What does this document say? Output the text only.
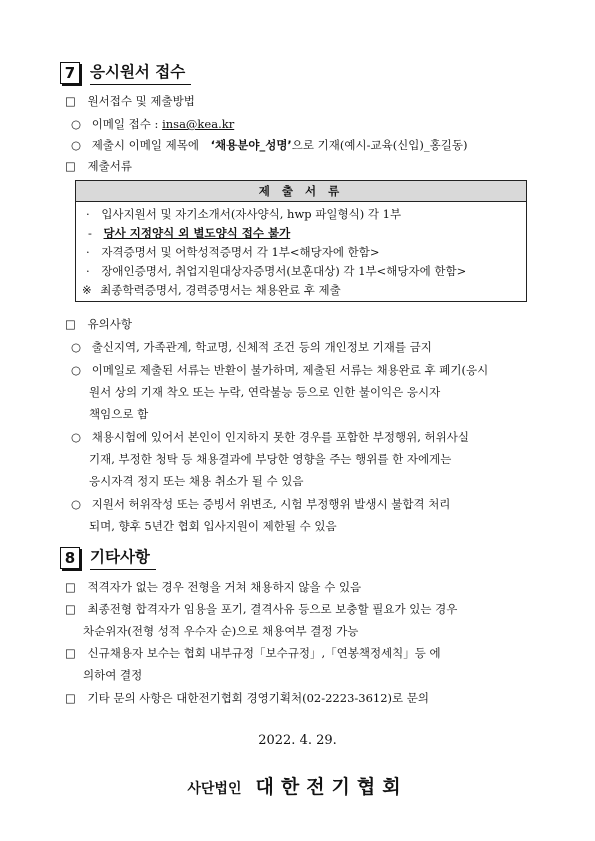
7 응시원서 접수
□ 원서접수 및 제출방법
○ 이메일 접수 : insa@kea.kr
○ 제출시 이메일 제목에 ‘채용분야_성명’으로 기재(예시-교육(신입)_홍길동)
□ 제출서류
제 출 서 류
· 입사지원서 및 자기소개서(자사양식, hwp 파일형식) 각 1부
- 당사 지정양식 외 별도양식 접수 불가
· 자격증명서 및 어학성적증명서 각 1부<해당자에 한함>
· 장애인증명서, 취업지원대상자증명서(보훈대상) 각 1부<해당자에 한함>
※ 최종학력증명서, 경력증명서는 채용완료 후 제출
□ 유의사항
○ 출신지역, 가족관계, 학교명, 신체적 조건 등의 개인정보 기재를 금지
○ 이메일로 제출된 서류는 반환이 불가하며, 제출된 서류는 채용완료 후 폐기(응시
원서 상의 기재 착오 또는 누락, 연락불능 등으로 인한 불이익은 응시자
책임으로 함
○ 채용시험에 있어서 본인이 인지하지 못한 경우를 포함한 부정행위, 허위사실
기재, 부정한 청탁 등 채용결과에 부당한 영향을 주는 행위를 한 자에게는
응시자격 정지 또는 채용 취소가 될 수 있음
○ 지원서 허위작성 또는 증빙서 위변조, 시험 부정행위 발생시 불합격 처리
되며, 향후 5년간 협회 입사지원이 제한될 수 있음
8 기타사항
□ 적격자가 없는 경우 전형을 거쳐 채용하지 않을 수 있음
□ 최종전형 합격자가 임용을 포기, 결격사유 등으로 보충할 필요가 있는 경우
차순위자(전형 성적 우수자 순)으로 채용여부 결정 가능
□ 신규채용자 보수는 협회 내부규정「보수규정」,「연봉책정세칙」등 에
의하여 결정
□ 기타 문의 사항은 대한전기협회 경영기획처(02-2223-3612)로 문의
2022. 4. 29.
사단법인 대한전기협회
